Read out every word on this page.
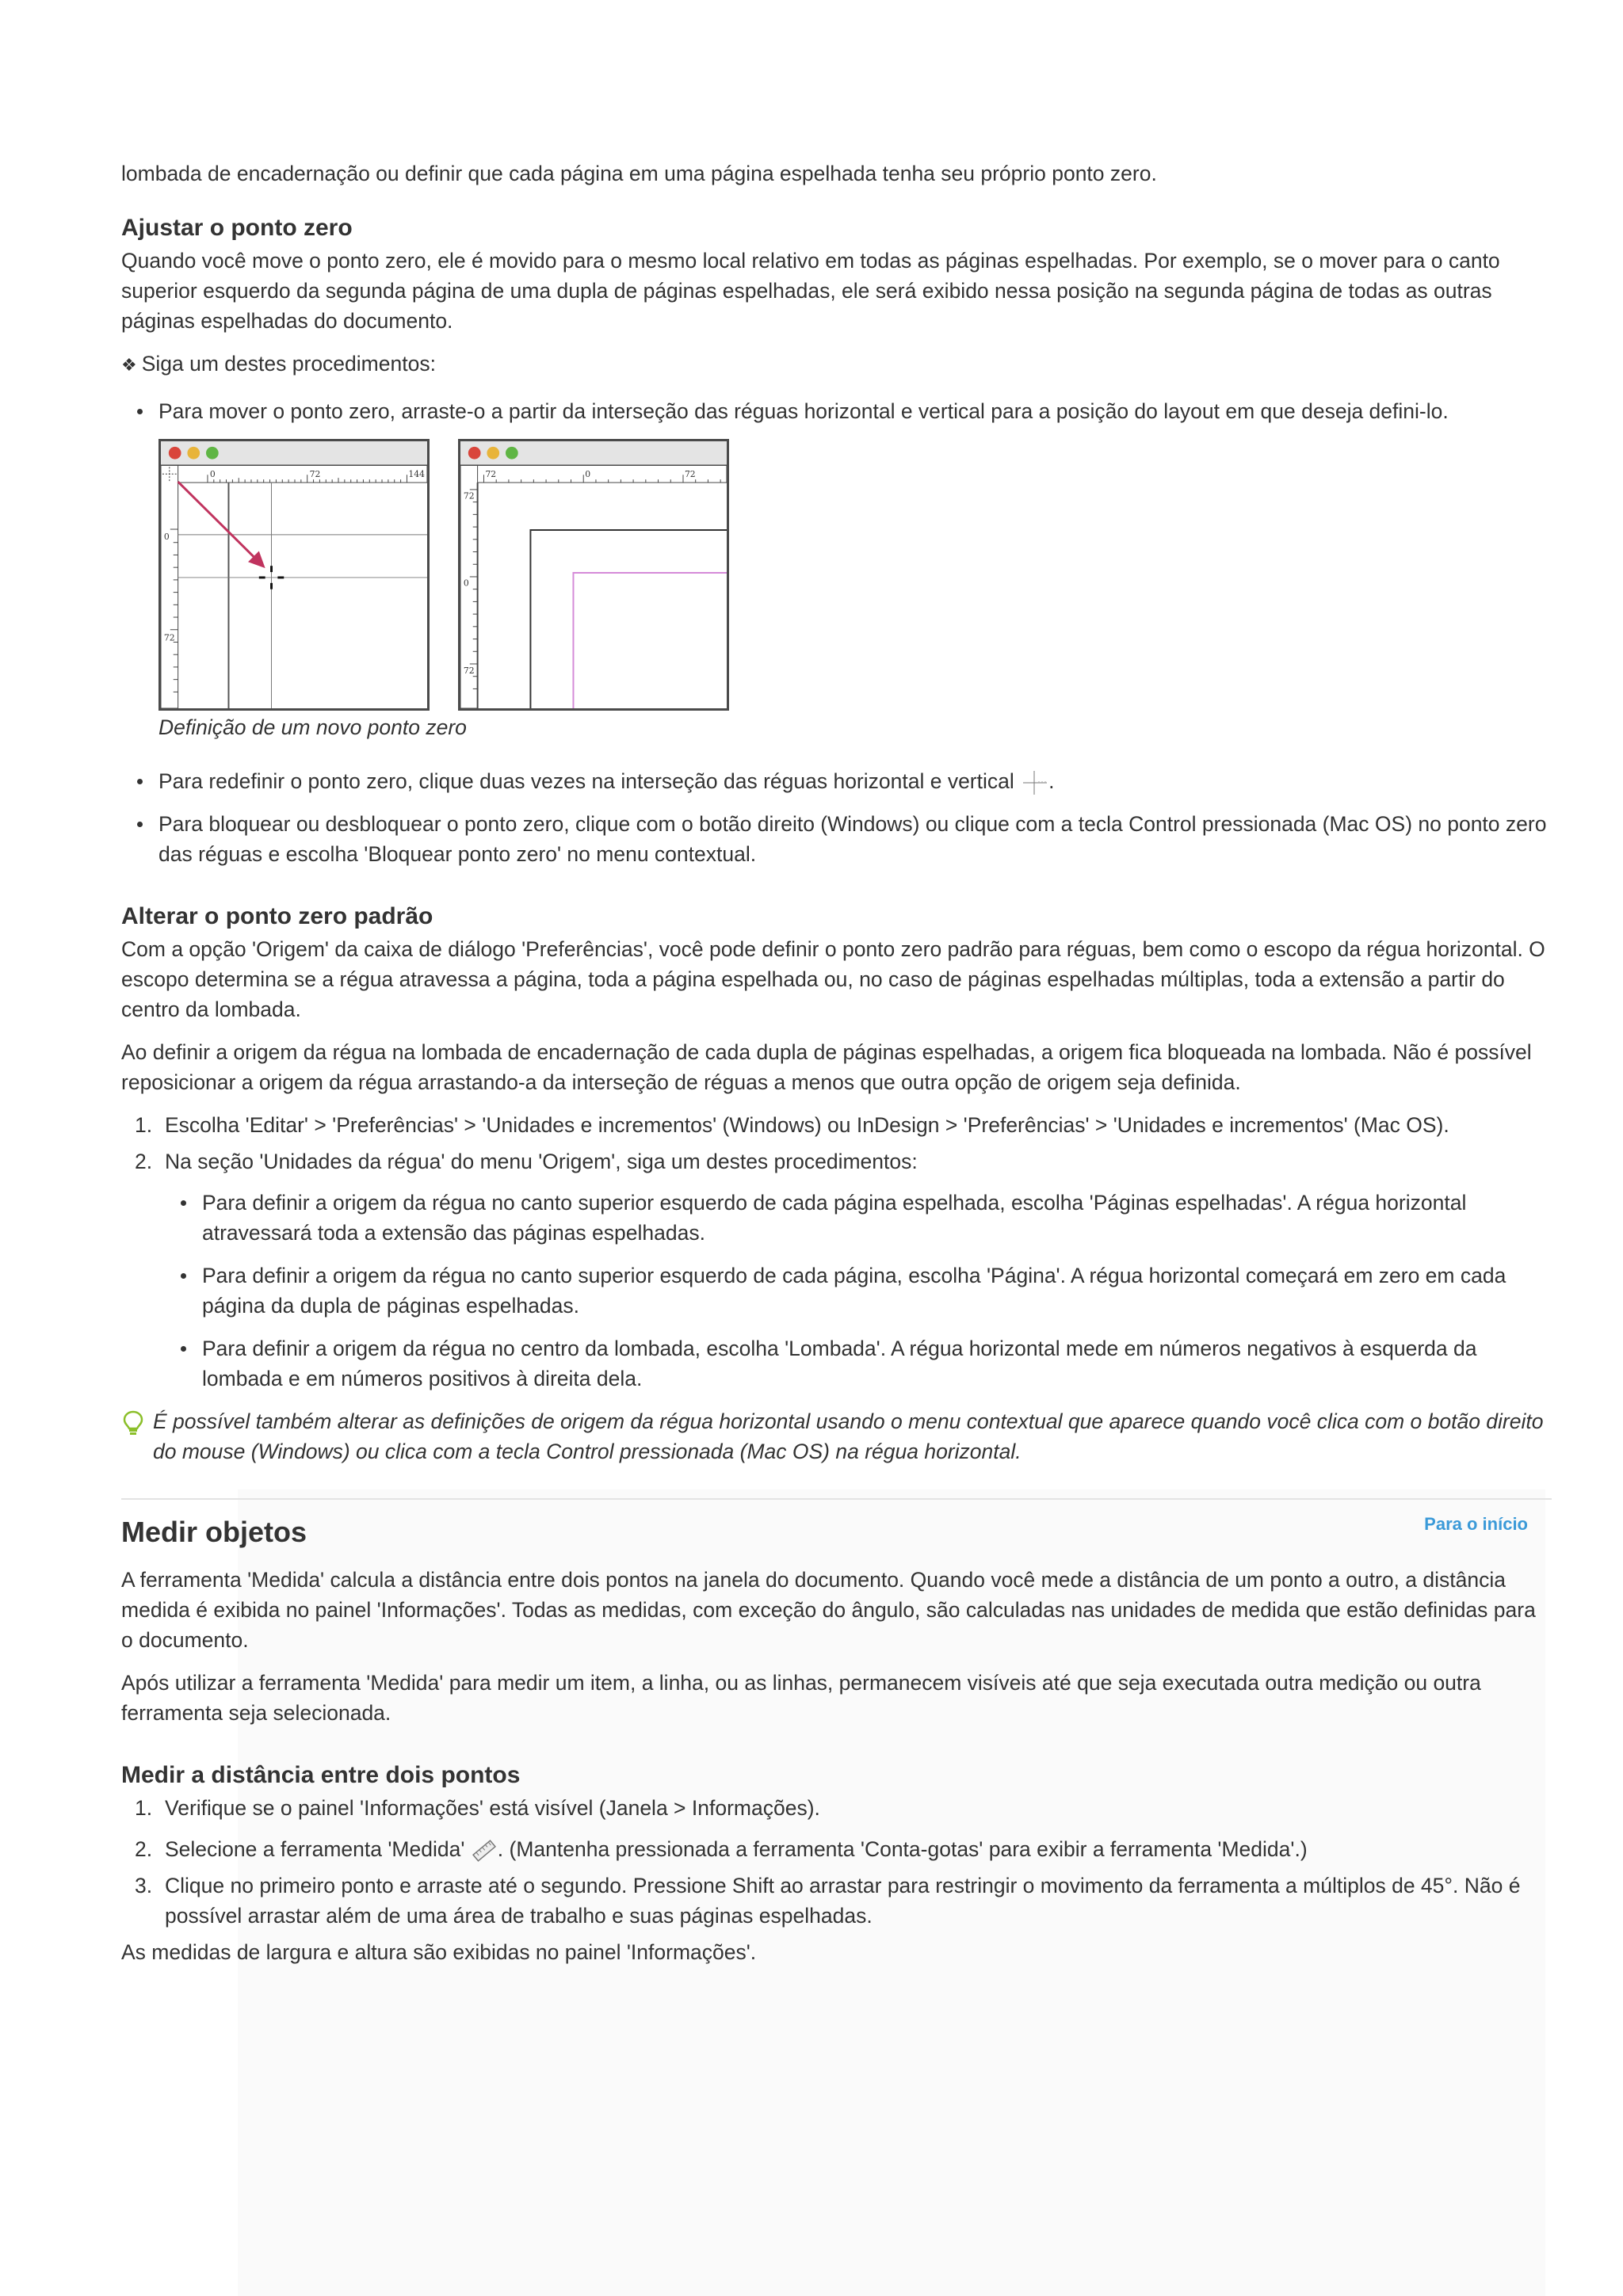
lombada de encadernação ou definir que cada página em uma página espelhada tenha seu próprio ponto zero.

Ajustar o ponto zero

Quando você move o ponto zero, ele é movido para o mesmo local relativo em todas as páginas espelhadas. Por exemplo, se o mover para o canto superior esquerdo da segunda página de uma dupla de páginas espelhadas, ele será exibido nessa posição na segunda página de todas as outras páginas espelhadas do documento.

❖ Siga um destes procedimentos:

Para mover o ponto zero, arraste-o a partir da interseção das réguas horizontal e vertical para a posição do layout em que deseja defini-lo.
0	72	144
0
72
72	0	72
72
0
72
Definição de um novo ponto zero
Para redefinir o ponto zero, clique duas vezes na interseção das réguas horizontal e vertical .
Para bloquear ou desbloquear o ponto zero, clique com o botão direito (Windows) ou clique com a tecla Control pressionada (Mac OS) no ponto zero das réguas e escolha 'Bloquear ponto zero' no menu contextual.
Alterar o ponto zero padrão

Com a opção 'Origem' da caixa de diálogo 'Preferências', você pode definir o ponto zero padrão para réguas, bem como o escopo da régua horizontal. O escopo determina se a régua atravessa a página, toda a página espelhada ou, no caso de páginas espelhadas múltiplas, toda a extensão a partir do centro da lombada.

Ao definir a origem da régua na lombada de encadernação de cada dupla de páginas espelhadas, a origem fica bloqueada na lombada. Não é possível reposicionar a origem da régua arrastando-a da interseção de réguas a menos que outra opção de origem seja definida.

Escolha 'Editar' > 'Preferências' > 'Unidades e incrementos' (Windows) ou InDesign > 'Preferências' > 'Unidades e incrementos' (Mac OS).
Na seção 'Unidades da régua' do menu 'Origem', siga um destes procedimentos:
Para definir a origem da régua no canto superior esquerdo de cada página espelhada, escolha 'Páginas espelhadas'. A régua horizontal atravessará toda a extensão das páginas espelhadas.
Para definir a origem da régua no canto superior esquerdo de cada página, escolha 'Página'. A régua horizontal começará em zero em cada página da dupla de páginas espelhadas.
Para definir a origem da régua no centro da lombada, escolha 'Lombada'. A régua horizontal mede em números negativos à esquerda da lombada e em números positivos à direita dela.
É possível também alterar as definições de origem da régua horizontal usando o menu contextual que aparece quando você clica com o botão direito do mouse (Windows) ou clica com a tecla Control pressionada (Mac OS) na régua horizontal.
Medir objetos	Para o início

A ferramenta 'Medida' calcula a distância entre dois pontos na janela do documento. Quando você mede a distância de um ponto a outro, a distância medida é exibida no painel 'Informações'. Todas as medidas, com exceção do ângulo, são calculadas nas unidades de medida que estão definidas para o documento.

Após utilizar a ferramenta 'Medida' para medir um item, a linha, ou as linhas, permanecem visíveis até que seja executada outra medição ou outra ferramenta seja selecionada.

Medir a distância entre dois pontos
Verifique se o painel 'Informações' está visível (Janela > Informações).
Selecione a ferramenta 'Medida' . (Mantenha pressionada a ferramenta 'Conta-gotas' para exibir a ferramenta 'Medida'.)
Clique no primeiro ponto e arraste até o segundo. Pressione Shift ao arrastar para restringir o movimento da ferramenta a múltiplos de 45°. Não é possível arrastar além de uma área de trabalho e suas páginas espelhadas.

As medidas de largura e altura são exibidas no painel 'Informações'.
